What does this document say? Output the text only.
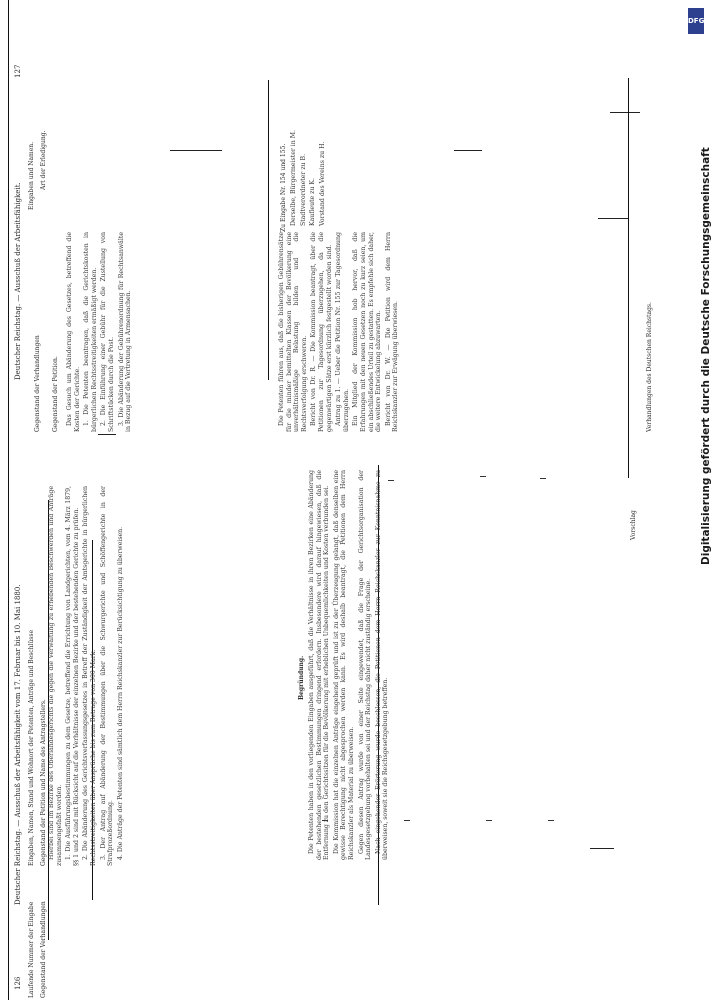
126
Deutscher Reichstag. — Ausschuß der Arbeitsfähigkeit vom 17. Februar bis 10. Mai 1880.
Deutscher Reichstag. — Ausschuß der Arbeitsfähigkeit.
127
Laufende Nummer der Eingabe
Eingaben, Namen, Stand und Wohnort der Petenten, Anträge und Beschlüsse
Gegenstand der Verhandlungen
Gegenstand der Petition und Name des Antragstellers.
Gegenstand der Verhandlungen
Eingaben und Namen. Art der Erledigung.
Gegenstand der Petition.

Hierbei sind im Bezirke des Oberlandesgerichts die gegen die Verwaltung zu erhebenden Beschwerden und Anträge zusammengefaßt worden. 1. Die Ausführungsbestimmungen zu dem Gesetze, betreffend die Errichtung von Landgerichten, vom 4. März 1879, §§ 1 und 2 sind mit Rücksicht auf die Verhältnisse der einzelnen Bezirke und der bestehenden Gerichte zu prüfen. 2. Die Abänderung des Gerichtsverfassungsgesetzes in Betreff der Zuständigkeit der Amtsgerichte in bürgerlichen Rechtsstreitigkeiten über Ansprüche bis zum Betrage von 300 Mark. 3. Der Antrag auf Abänderung der Bestimmungen über die Schwurgerichte und Schöffengerichte in der Strafprozeßordnung. 4. Die Anträge der Petenten sind sämtlich dem Herrn Reichskanzler zur Berücksichtigung zu überweisen.	Begründung. Die Petenten haben in den vorliegenden Eingaben ausgeführt, daß die Verhältnisse in ihren Bezirken eine Abänderung der bestehenden gesetzlichen Bestimmungen dringend erfordern. Insbesondere wird darauf hingewiesen, daß die Entfernung zu den Gerichtssitzen für die Bevölkerung mit erheblichen Unbequemlichkeiten und Kosten verbunden sei. Die Kommission hat die einzelnen Anträge eingehend geprüft und ist zu der Überzeugung gelangt, daß denselben eine gewisse Berechtigung nicht abgesprochen werden kann. Es wird deshalb beantragt, die Petitionen dem Herrn Reichskanzler als Material zu überweisen. Gegen diesen Antrag wurde von einer Seite eingewendet, daß die Frage der Gerichtsorganisation der Landesgesetzgebung vorbehalten sei und der Reichstag daher nicht zuständig erscheine. Nach eingehender Erörterung wurde beschlossen, die Petitionen dem Herrn Reichskanzler zur Kenntnisnahme zu überweisen, soweit sie die Reichsgesetzgebung betreffen.

Das Gesuch um Abänderung des Gesetzes, betreffend die Kosten der Gerichte. 1. Die Petenten beantragen, daß die Gerichtskosten in bürgerlichen Rechtsstreitigkeiten ermäßigt werden. 2. Die Einführung einer Gebühr für die Zustellung von Schriftstücken durch die Post. 3. Die Abänderung der Gebührenordnung für Rechtsanwälte in Bezug auf die Vertretung in Armensachen.

Zu Eingabe Nr. 154 und 155. Derselbe, Bürgermeister in M. Stadtverordneter zu B. Kaufleute zu K. Vorstand des Vereins zu H.

Die Petenten führen aus, daß die bisherigen Gebührensätze für die minder bemittelten Klassen der Bevölkerung eine unverhältnismäßige Belastung bilden und die Rechtsverfolgung erschweren. Bericht von Dr. R. — Die Kommission beantragt, über die Petitionen zur Tagesordnung überzugehen, da die gegenwärtigen Sätze erst kürzlich festgestellt worden sind. Antrag zu 1. — Ueber die Petition Nr. 155 zur Tagesordnung überzugehen. Ein Mitglied der Kommission hob hervor, daß die Erfahrungen mit den neuen Gesetzen noch zu kurz seien, um ein abschließendes Urteil zu gestatten. Es empfehle sich daher, die weitere Entwickelung abzuwarten. Bericht von Dr. W. — Die Petition wird dem Herrn Reichskanzler zur Erwägung überwiesen.

Vorschlag
Verhandlungen des Deutschen Reichstags.
DFG
Digitalisierung gefördert durch die Deutsche Forschungsgemeinschaft
